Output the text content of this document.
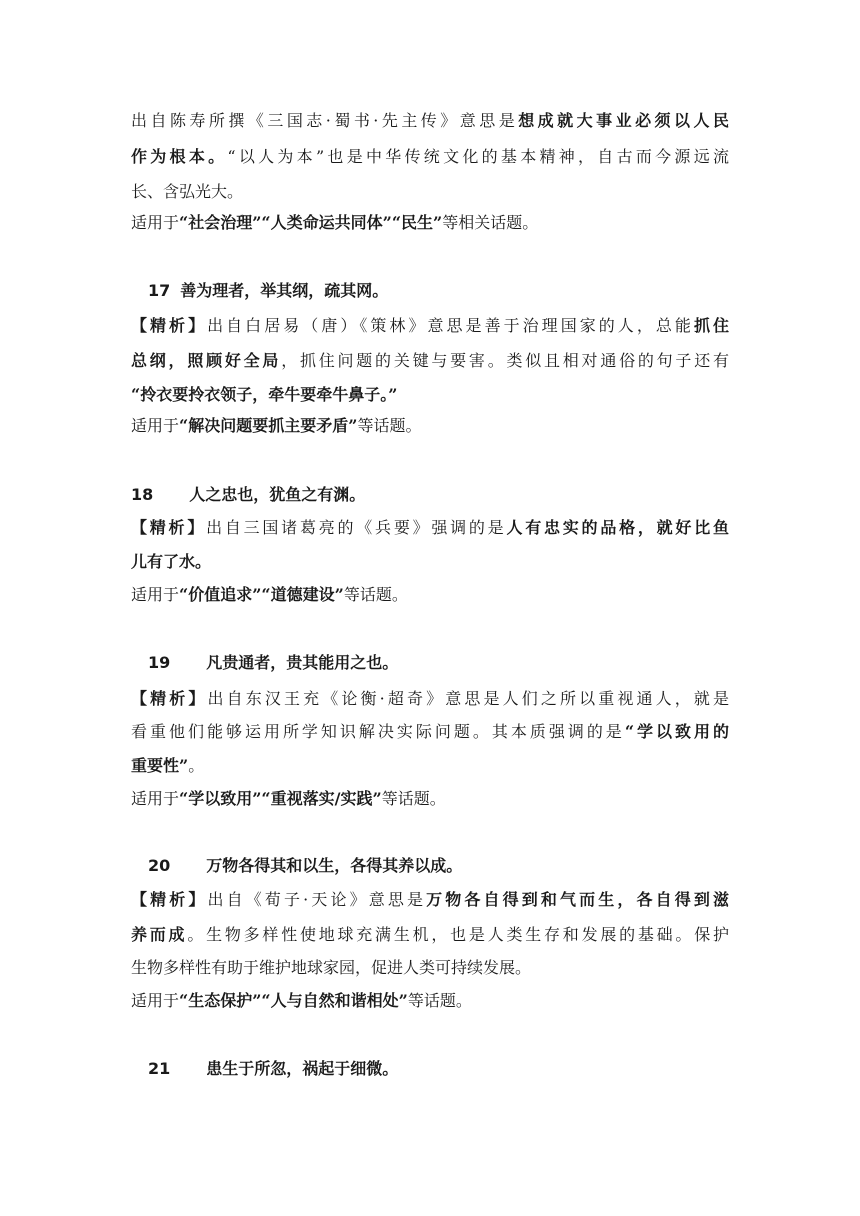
出自陈寿所撰《三国志·蜀书·先主传》意思是想成就大事业必须以人民
作为根本。“以人为本”也是中华传统文化的基本精神，自古而今源远流
长、含弘光大。
适用于“社会治理”“人类命运共同体”“民生”等相关话题。
17 善为理者，举其纲，疏其网。
【精析】出自白居易（唐）《策林》意思是善于治理国家的人，总能抓住
总纲，照顾好全局，抓住问题的关键与要害。类似且相对通俗的句子还有
“拎衣要拎衣领子，牵牛要牵牛鼻子。”
适用于“解决问题要抓主要矛盾”等话题。
18 人之忠也，犹鱼之有渊。
【精析】出自三国诸葛亮的《兵要》强调的是人有忠实的品格，就好比鱼
儿有了水。
适用于“价值追求”“道德建设”等话题。
19 凡贵通者，贵其能用之也。
【精析】出自东汉王充《论衡·超奇》意思是人们之所以重视通人，就是
看重他们能够运用所学知识解决实际问题。其本质强调的是“学以致用的
重要性”。
适用于“学以致用”“重视落实/实践”等话题。
20 万物各得其和以生，各得其养以成。
【精析】出自《荀子·天论》意思是万物各自得到和气而生，各自得到滋
养而成。生物多样性使地球充满生机，也是人类生存和发展的基础。保护
生物多样性有助于维护地球家园，促进人类可持续发展。
适用于“生态保护”“人与自然和谐相处”等话题。
21 患生于所忽，祸起于细微。
